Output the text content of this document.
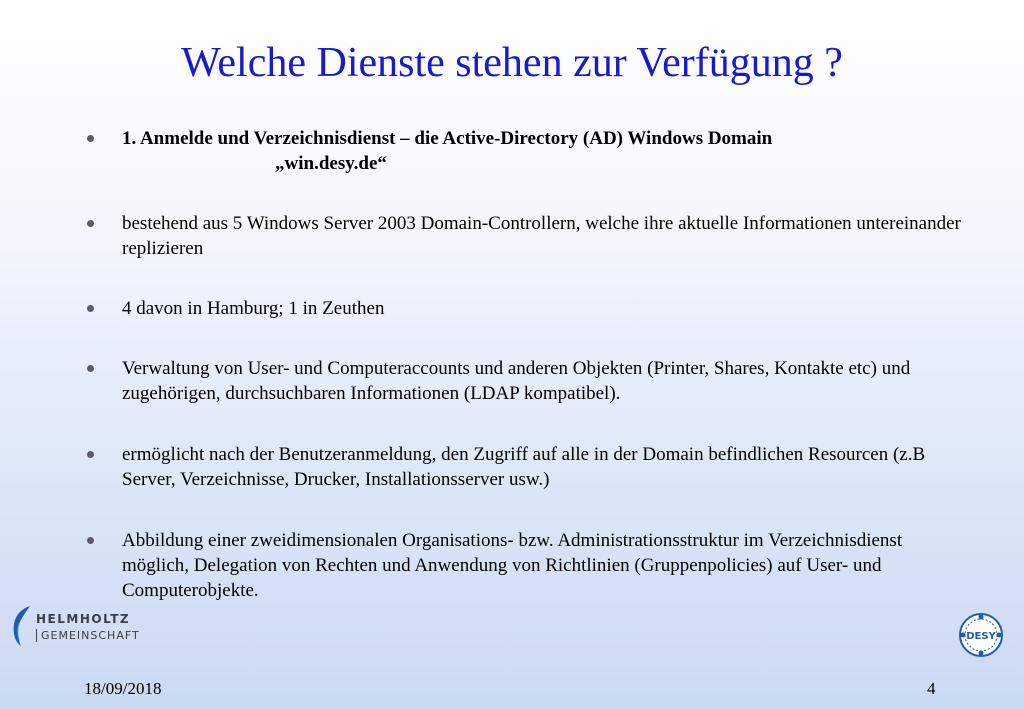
Welche Dienste stehen zur Verfügung ?
1. Anmelde und Verzeichnisdienst – die Active-Directory (AD) Windows Domain
„win.desy.de“
bestehend aus 5 Windows Server 2003 Domain-Controllern, welche ihre aktuelle Informationen untereinander replizieren
4 davon in Hamburg; 1 in Zeuthen
Verwaltung von User- und Computeraccounts und anderen Objekten (Printer, Shares, Kontakte etc) und zugehörigen, durchsuchbaren Informationen (LDAP kompatibel).
ermöglicht nach der Benutzeranmeldung, den Zugriff auf alle in der Domain befindlichen Resourcen (z.B Server, Verzeichnisse, Drucker, Installationsserver usw.)
Abbildung einer zweidimensionalen Organisations- bzw. Administrationsstruktur im Verzeichnisdienst möglich, Delegation von Rechten und Anwendung von Richtlinien (Gruppenpolicies) auf User- und Computerobjekte.
HELMHOLTZ
GEMEINSCHAFT	DESY
18/09/2018	4
